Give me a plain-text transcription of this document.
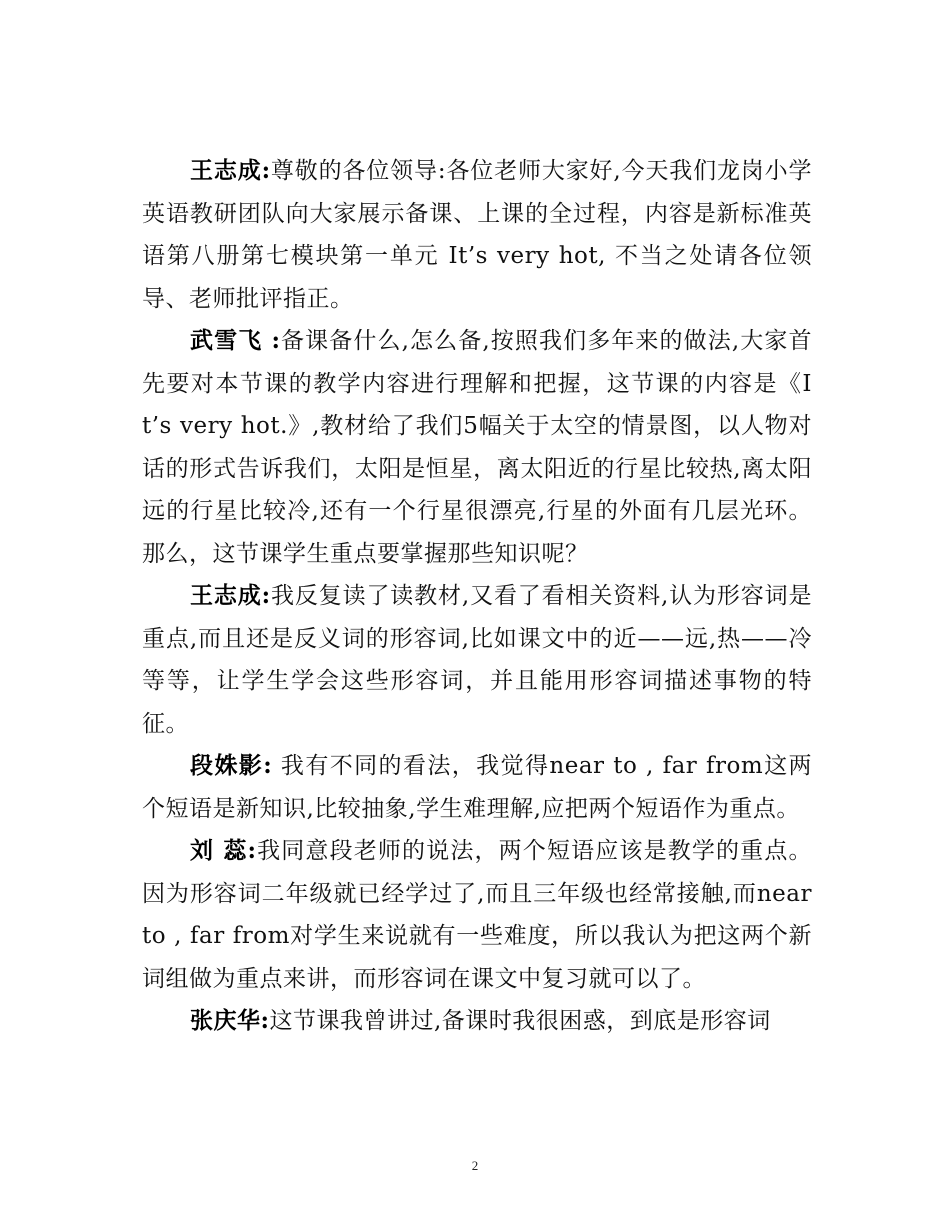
王志成:尊敬的各位领导:各位老师大家好,今天我们龙岗小学英语教研团队向大家展示备课、上课的全过程，内容是新标准英语第八册第七模块第一单元 It’s very hot, 不当之处请各位领导、老师批评指正。

武雪飞 :备课备什么,怎么备,按照我们多年来的做法,大家首先要对本节课的教学内容进行理解和把握，这节课的内容是《It’s very hot.》,教材给了我们5幅关于太空的情景图，以人物对话的形式告诉我们，太阳是恒星，离太阳近的行星比较热,离太阳远的行星比较冷,还有一个行星很漂亮,行星的外面有几层光环。那么，这节课学生重点要掌握那些知识呢？

王志成:我反复读了读教材,又看了看相关资料,认为形容词是重点,而且还是反义词的形容词,比如课文中的近——远,热——冷等等，让学生学会这些形容词，并且能用形容词描述事物的特征。

段姝影: 我有不同的看法，我觉得near to , far from这两个短语是新知识,比较抽象,学生难理解,应把两个短语作为重点。

刘 蕊:我同意段老师的说法，两个短语应该是教学的重点。因为形容词二年级就已经学过了,而且三年级也经常接触,而near to , far from对学生来说就有一些难度，所以我认为把这两个新词组做为重点来讲，而形容词在课文中复习就可以了。

张庆华:这节课我曾讲过,备课时我很困惑，到底是形容词

2
